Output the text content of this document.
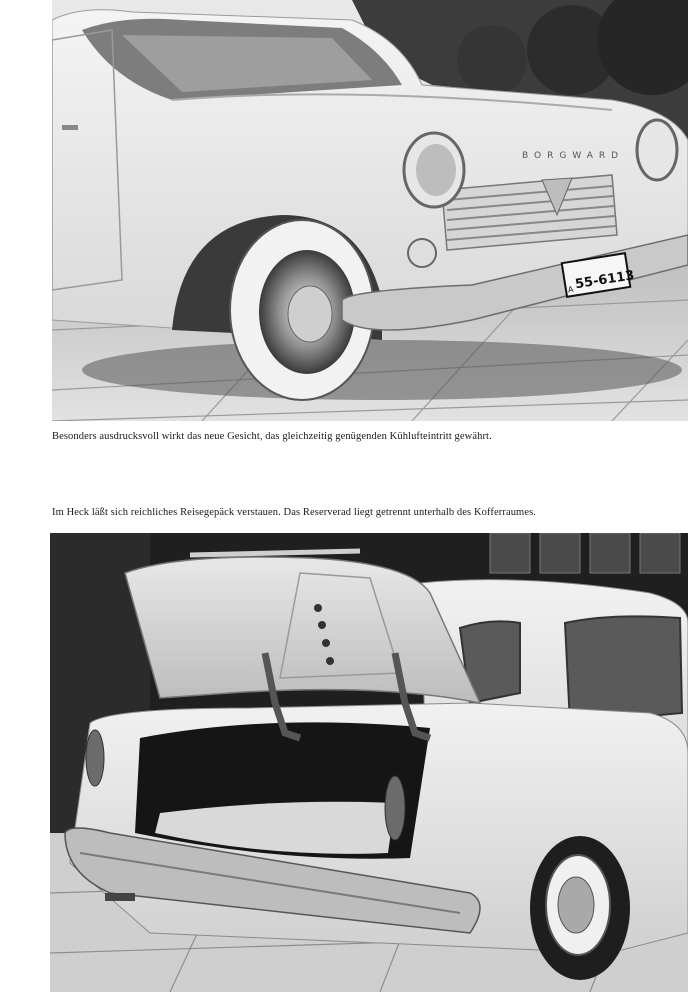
BORGWARD
A 55-6113
Besonders ausdrucksvoll wirkt das neue Gesicht, das gleichzeitig genügenden Kühlufteintritt gewährt.
Im Heck läßt sich reichliches Reisegepäck verstauen. Das Reserverad liegt getrennt unterhalb des Kofferraumes.
